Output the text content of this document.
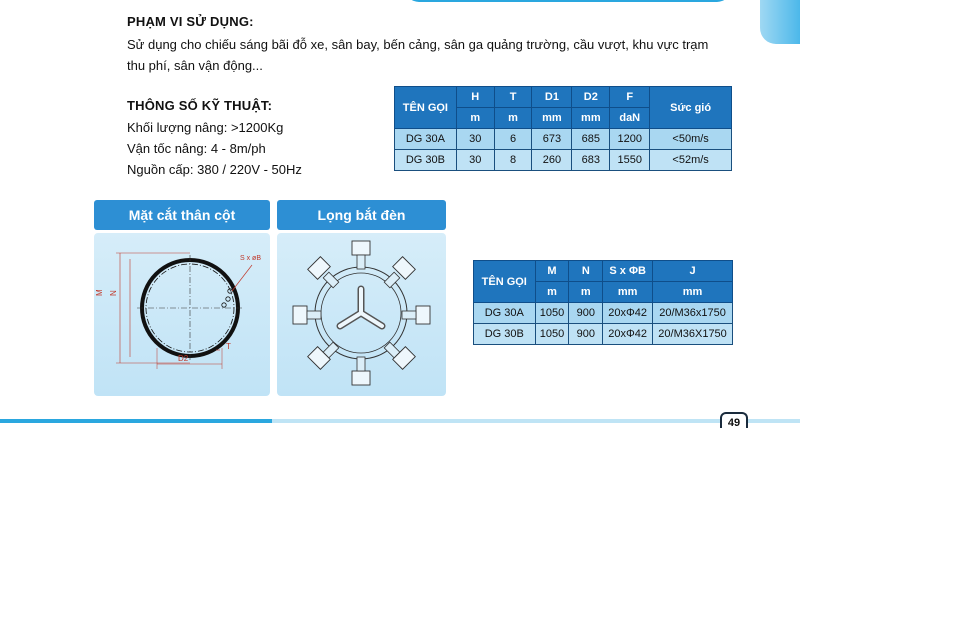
PHẠM VI SỬ DỤNG:
Sử dụng cho chiếu sáng bãi đỗ xe, sân bay, bến cảng, sân ga quảng trường, cầu vượt, khu vực trạm thu phí, sân vận động...
THÔNG SỐ KỸ THUẬT:
Khối lượng nâng: >1200Kg
Vận tốc nâng: 4 - 8m/ph
Nguồn cấp: 380 / 220V - 50Hz
TÊN GỌI	H	T	D1	D2	F	Sức gió
	m	m	mm	mm	daN	
DG 30A	30	6	673	685	1200	<50m/s
DG 30B	30	8	260	683	1550	<52m/s
Mặt cắt thân cột
S x øB
M N
D2
T
Lọng bắt đèn
TÊN GỌI	M	N	S x ΦB	J
	m	m	mm	mm
DG 30A	1050	900	20xΦ42	20/M36x1750
DG 30B	1050	900	20xΦ42	20/M36X1750
49
